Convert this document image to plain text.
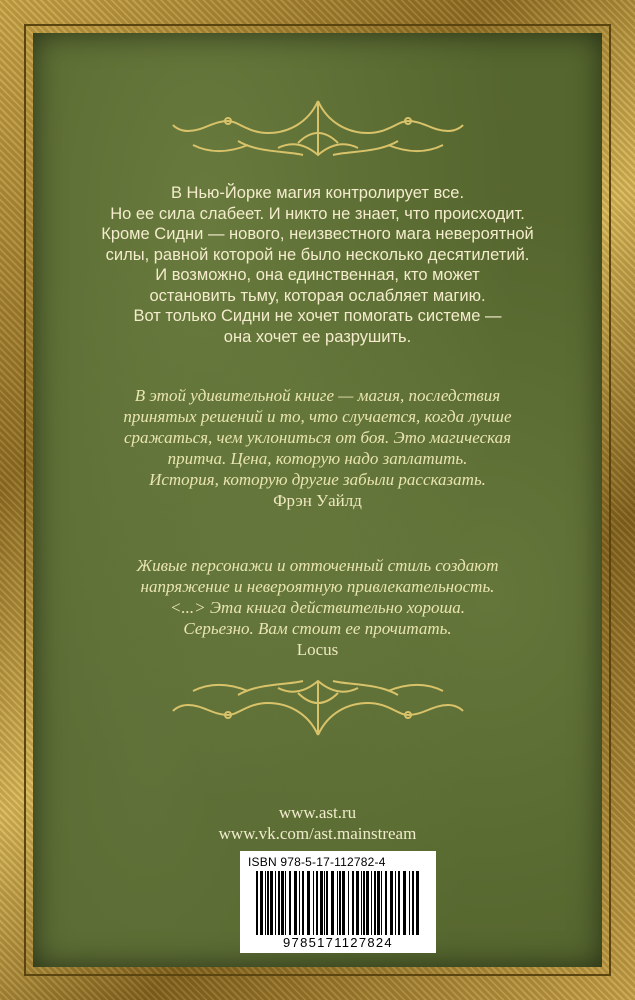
В Нью-Йорке магия контролирует все.
Но ее сила слабеет. И никто не знает, что происходит.
Кроме Сидни — нового, неизвестного мага невероятной
силы, равной которой не было несколько десятилетий.
И возможно, она единственная, кто может
остановить тьму, которая ослабляет магию.
Вот только Сидни не хочет помогать системе —
она хочет ее разрушить.
В этой удивительной книге — магия, последствия
принятых решений и то, что случается, когда лучше
сражаться, чем уклониться от боя. Это магическая
притча. Цена, которую надо заплатить.
История, которую другие забыли рассказать.
Фрэн Уайлд
Живые персонажи и отточенный стиль создают
напряжение и невероятную привлекательность.
<...> Эта книга действительно хороша.
Серьезно. Вам стоит ее прочитать.
Locus
www.ast.ru
www.vk.com/ast.mainstream
ISBN 978-5-17-112782-4
9785171127824
